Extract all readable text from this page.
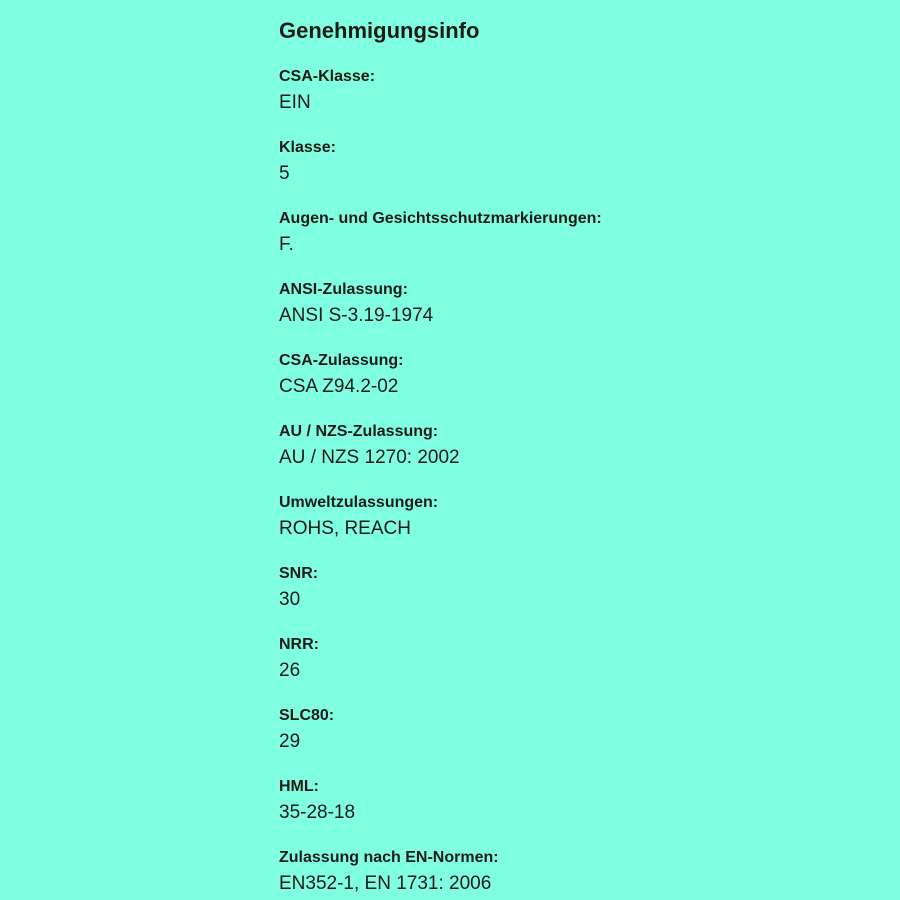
Genehmigungsinfo
CSA-Klasse:
EIN
Klasse:
5
Augen- und Gesichtsschutzmarkierungen:
F.
ANSI-Zulassung:
ANSI S-3.19-1974
CSA-Zulassung:
CSA Z94.2-02
AU / NZS-Zulassung:
AU / NZS 1270: 2002
Umweltzulassungen:
ROHS, REACH
SNR:
30
NRR:
26
SLC80:
29
HML:
35-28-18
Zulassung nach EN-Normen:
EN352-1, EN 1731: 2006
